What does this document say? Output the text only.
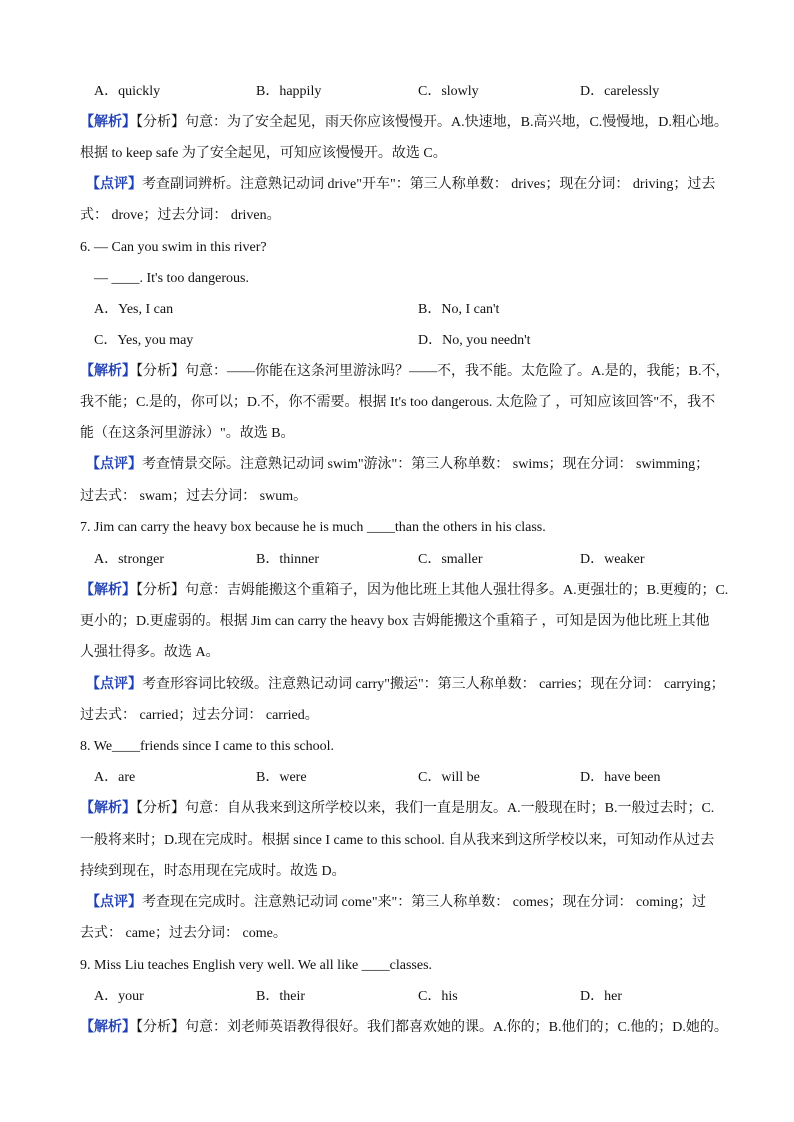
A．quickly	B．happily	C．slowly	D．carelessly
【解析】【分析】句意：为了安全起见，雨天你应该慢慢开。A.快速地，B.高兴地，C.慢慢地，D.粗心地。
根据 to keep safe 为了安全起见，可知应该慢慢开。故选 C。
【点评】考查副词辨析。注意熟记动词 drive"开车"：第三人称单数： drives；现在分词： driving；过去
式： drove；过去分词： driven。
6. — Can you swim in this river?
— ____. It's too dangerous.
A．Yes, I can	B．No, I can't
C．Yes, you may	D．No, you needn't
【解析】【分析】句意：——你能在这条河里游泳吗？——不，我不能。太危险了。A.是的，我能；B.不，
我不能；C.是的，你可以；D.不，你不需要。根据 It's too dangerous. 太危险了 ，可知应该回答"不，我不
能（在这条河里游泳）"。故选 B。
【点评】考查情景交际。注意熟记动词 swim"游泳"：第三人称单数： swims；现在分词： swimming；
过去式： swam；过去分词： swum。
7. Jim can carry the heavy box because he is much ____than the others in his class.
A．stronger	B．thinner	C．smaller	D．weaker
【解析】【分析】句意：吉姆能搬这个重箱子，因为他比班上其他人强壮得多。A.更强壮的；B.更瘦的；C.
更小的；D.更虚弱的。根据 Jim can carry the heavy box 吉姆能搬这个重箱子 ，可知是因为他比班上其他
人强壮得多。故选 A。
【点评】考查形容词比较级。注意熟记动词 carry"搬运"：第三人称单数： carries；现在分词： carrying；
过去式： carried；过去分词： carried。
8. We____friends since I came to this school.
A．are	B．were	C．will be	D．have been
【解析】【分析】句意：自从我来到这所学校以来，我们一直是朋友。A.一般现在时；B.一般过去时；C.
一般将来时；D.现在完成时。根据 since I came to this school. 自从我来到这所学校以来，可知动作从过去
持续到现在，时态用现在完成时。故选 D。
【点评】考查现在完成时。注意熟记动词 come"来"：第三人称单数： comes；现在分词： coming；过
去式： came；过去分词： come。
9. Miss Liu teaches English very well. We all like ____classes.
A．your	B．their	C．his	D．her
【解析】【分析】句意：刘老师英语教得很好。我们都喜欢她的课。A.你的；B.他们的；C.他的；D.她的。
